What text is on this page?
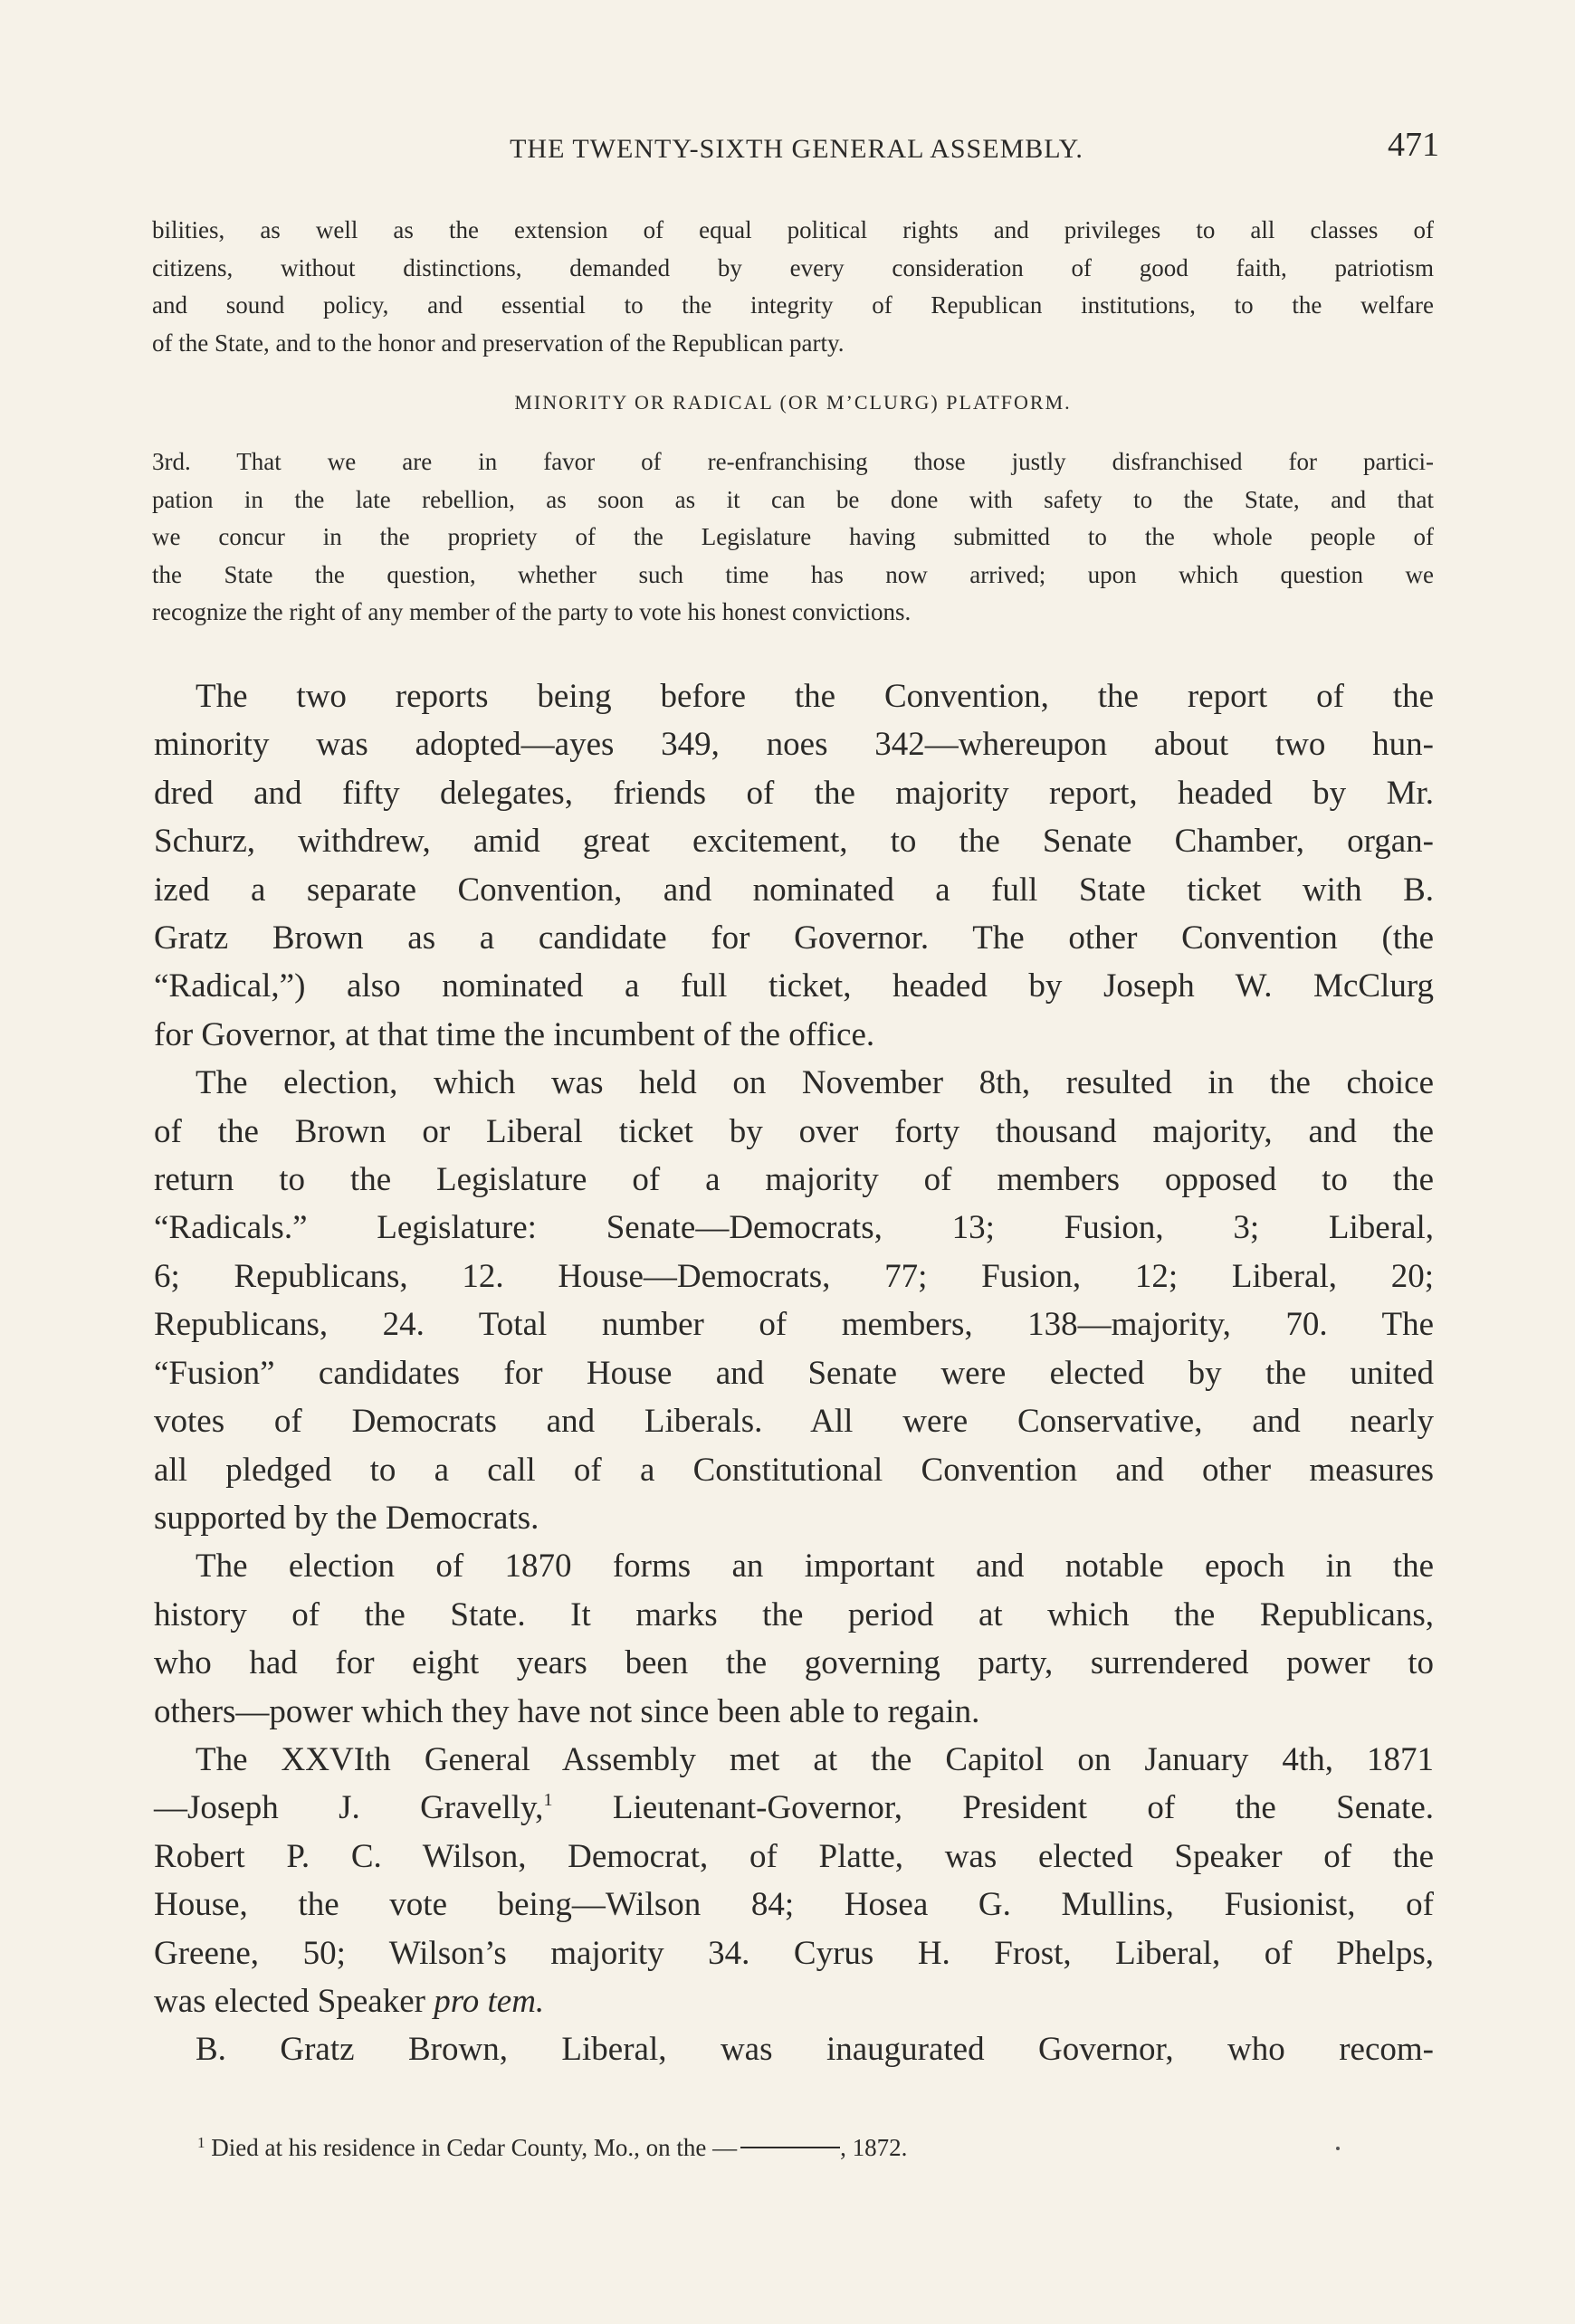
THE TWENTY-SIXTH GENERAL ASSEMBLY.	471
bilities, as well as the extension of equal political rights and privileges to all classes of
citizens, without distinctions, demanded by every consideration of good faith, patriotism
and sound policy, and essential to the integrity of Republican institutions, to the welfare
of the State, and to the honor and preservation of the Republican party.
MINORITY OR RADICAL (OR M’CLURG) PLATFORM.
3rd. That we are in favor of re-enfranchising those justly disfranchised for partici-
pation in the late rebellion, as soon as it can be done with safety to the State, and that
we concur in the propriety of the Legislature having submitted to the whole people of
the State the question, whether such time has now arrived; upon which question we
recognize the right of any member of the party to vote his honest convictions.
The two reports being before the Convention, the report of the
minority was adopted—ayes 349, noes 342—whereupon about two hun-
dred and fifty delegates, friends of the majority report, headed by Mr.
Schurz, withdrew, amid great excitement, to the Senate Chamber, organ-
ized a separate Convention, and nominated a full State ticket with B.
Gratz Brown as a candidate for Governor. The other Convention (the
“Radical,”) also nominated a full ticket, headed by Joseph W. McClurg
for Governor, at that time the incumbent of the office.
The election, which was held on November 8th, resulted in the choice
of the Brown or Liberal ticket by over forty thousand majority, and the
return to the Legislature of a majority of members opposed to the
“Radicals.” Legislature: Senate—Democrats, 13; Fusion, 3; Liberal,
6; Republicans, 12. House—Democrats, 77; Fusion, 12; Liberal, 20;
Republicans, 24. Total number of members, 138—majority, 70. The
“Fusion” candidates for House and Senate were elected by the united
votes of Democrats and Liberals. All were Conservative, and nearly
all pledged to a call of a Constitutional Convention and other measures
supported by the Democrats.
The election of 1870 forms an important and notable epoch in the
history of the State. It marks the period at which the Republicans,
who had for eight years been the governing party, surrendered power to
others—power which they have not since been able to regain.
The XXVIth General Assembly met at the Capitol on January 4th, 1871
—Joseph J. Gravelly,$^1$ Lieutenant-Governor, President of the Senate.
Robert P. C. Wilson, Democrat, of Platte, was elected Speaker of the
House, the vote being—Wilson 84; Hosea G. Mullins, Fusionist, of
Greene, 50; Wilson’s majority 34. Cyrus H. Frost, Liberal, of Phelps,
was elected Speaker pro tem.
B. Gratz Brown, Liberal, was inaugurated Governor, who recom-
$^1$ Died at his residence in Cedar County, Mo., on the —	, 1872.
